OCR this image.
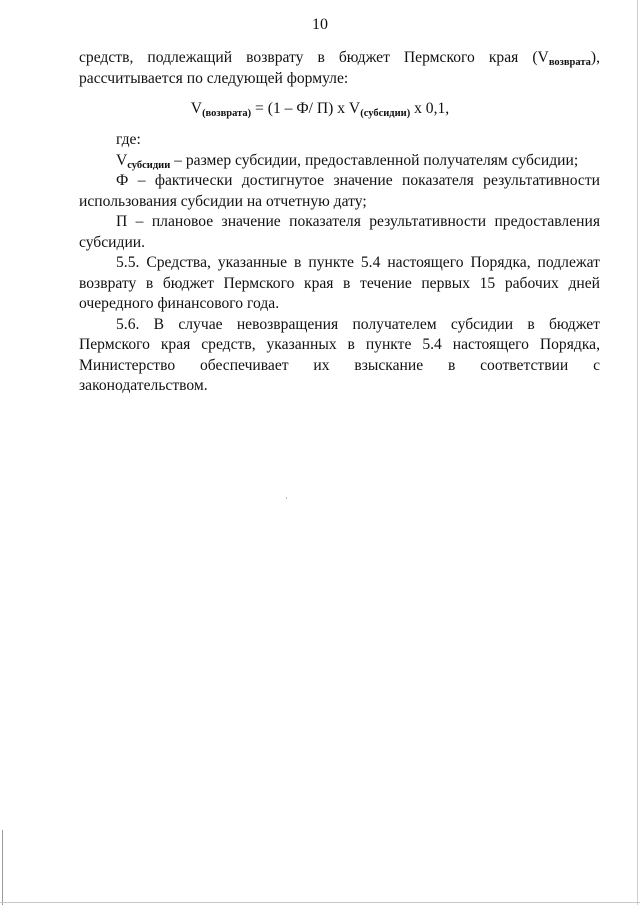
10

средств, подлежащий возврату в бюджет Пермского края $(V_{возврата})$, рассчитывается по следующей формуле:

$V_{(возврата)} = (1 - Ф/$ П) х $V_{(субсидии)}$ х 0,1,

где:

$V_{субсидии}$ – размер субсидии, предоставленной получателям субсидии;

Ф – фактически достигнутое значение показателя результативности использования субсидии на отчетную дату;

П – плановое значение показателя результативности предоставления субсидии.

5.5. Средства, указанные в пункте 5.4 настоящего Порядка, подлежат возврату в бюджет Пермского края в течение первых 15 рабочих дней очередного финансового года.

5.6. В случае невозвращения получателем субсидии в бюджет Пермского края средств, указанных в пункте 5.4 настоящего Порядка, Министерство обеспечивает их взыскание в соответствии с законодательством.
